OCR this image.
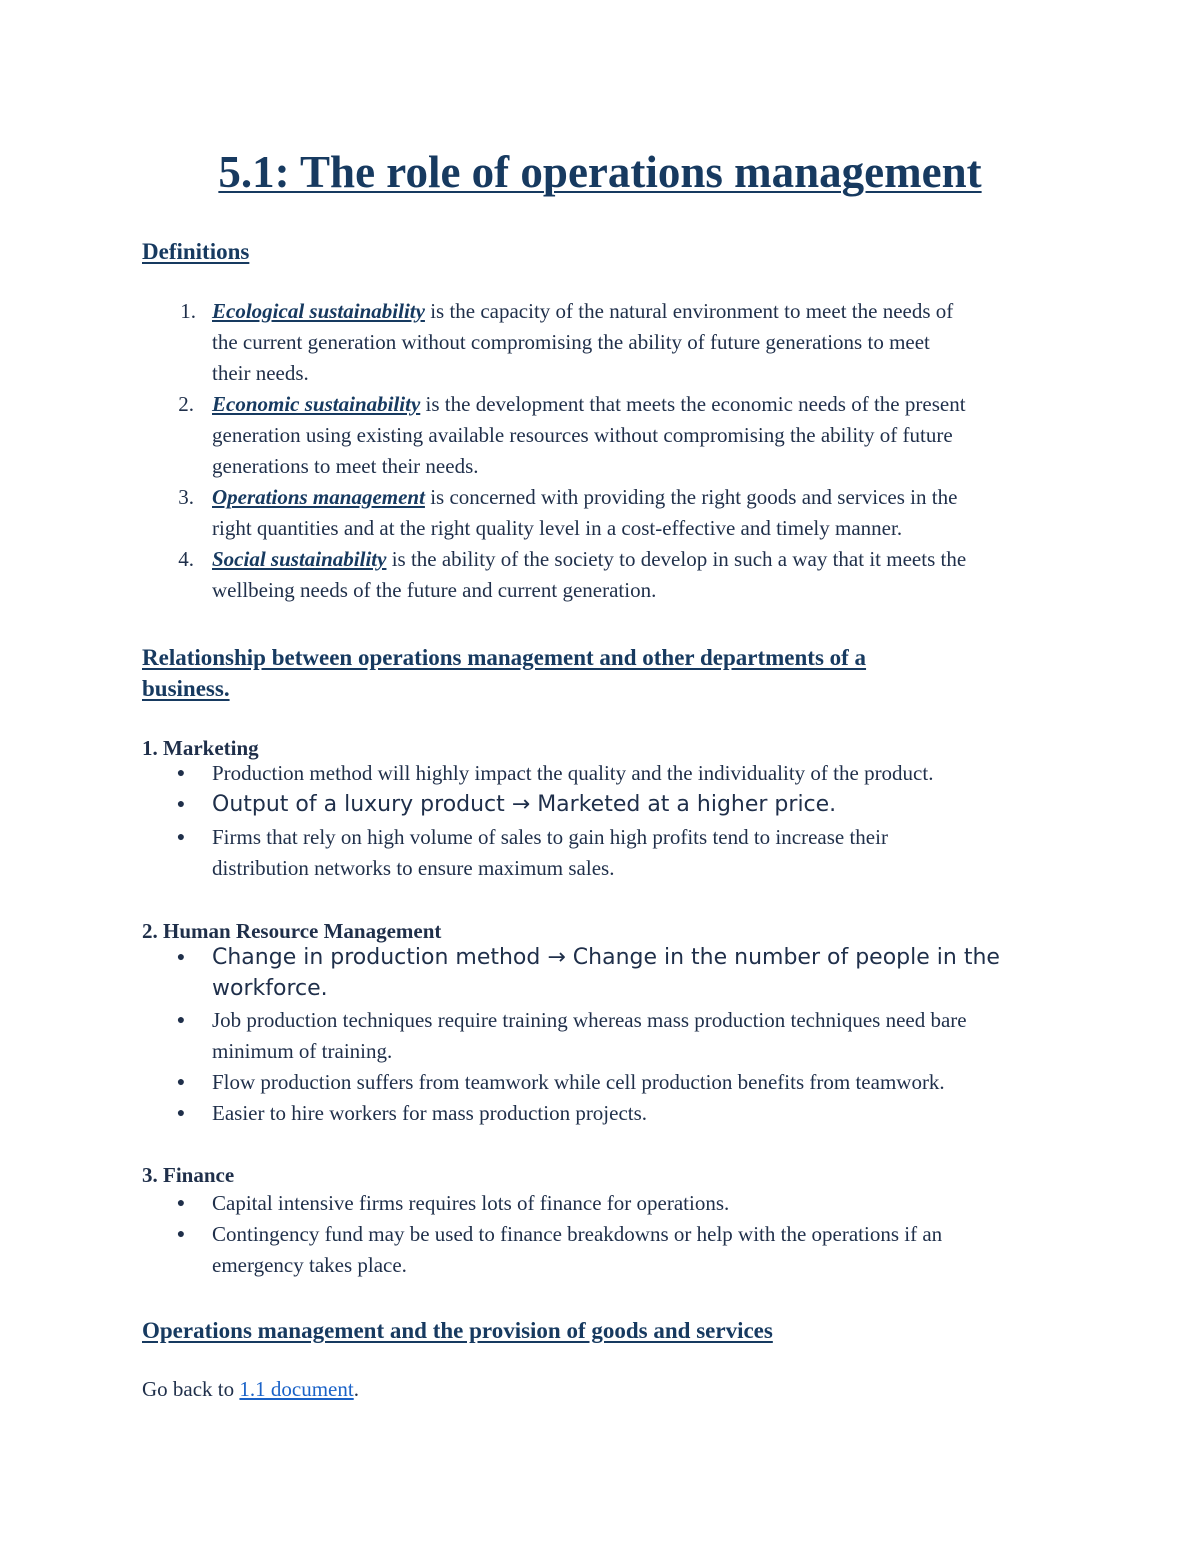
5.1: The role of operations management
Definitions
1. Ecological sustainability is the capacity of the natural environment to meet the needs of
the current generation without compromising the ability of future generations to meet
their needs.
2. Economic sustainability is the development that meets the economic needs of the present
generation using existing available resources without compromising the ability of future
generations to meet their needs.
3. Operations management is concerned with providing the right goods and services in the
right quantities and at the right quality level in a cost-effective and timely manner.
4. Social sustainability is the ability of the society to develop in such a way that it meets the
wellbeing needs of the future and current generation.
Relationship between operations management and other departments of a
business.
1. Marketing
● Production method will highly impact the quality and the individuality of the product.
● Output of a luxury product → Marketed at a higher price.
● Firms that rely on high volume of sales to gain high profits tend to increase their
distribution networks to ensure maximum sales.
2. Human Resource Management
● Change in production method → Change in the number of people in the
workforce.
● Job production techniques require training whereas mass production techniques need bare
minimum of training.
● Flow production suffers from teamwork while cell production benefits from teamwork.
● Easier to hire workers for mass production projects.
3. Finance
● Capital intensive firms requires lots of finance for operations.
● Contingency fund may be used to finance breakdowns or help with the operations if an
emergency takes place.
Operations management and the provision of goods and services
Go back to 1.1 document.
